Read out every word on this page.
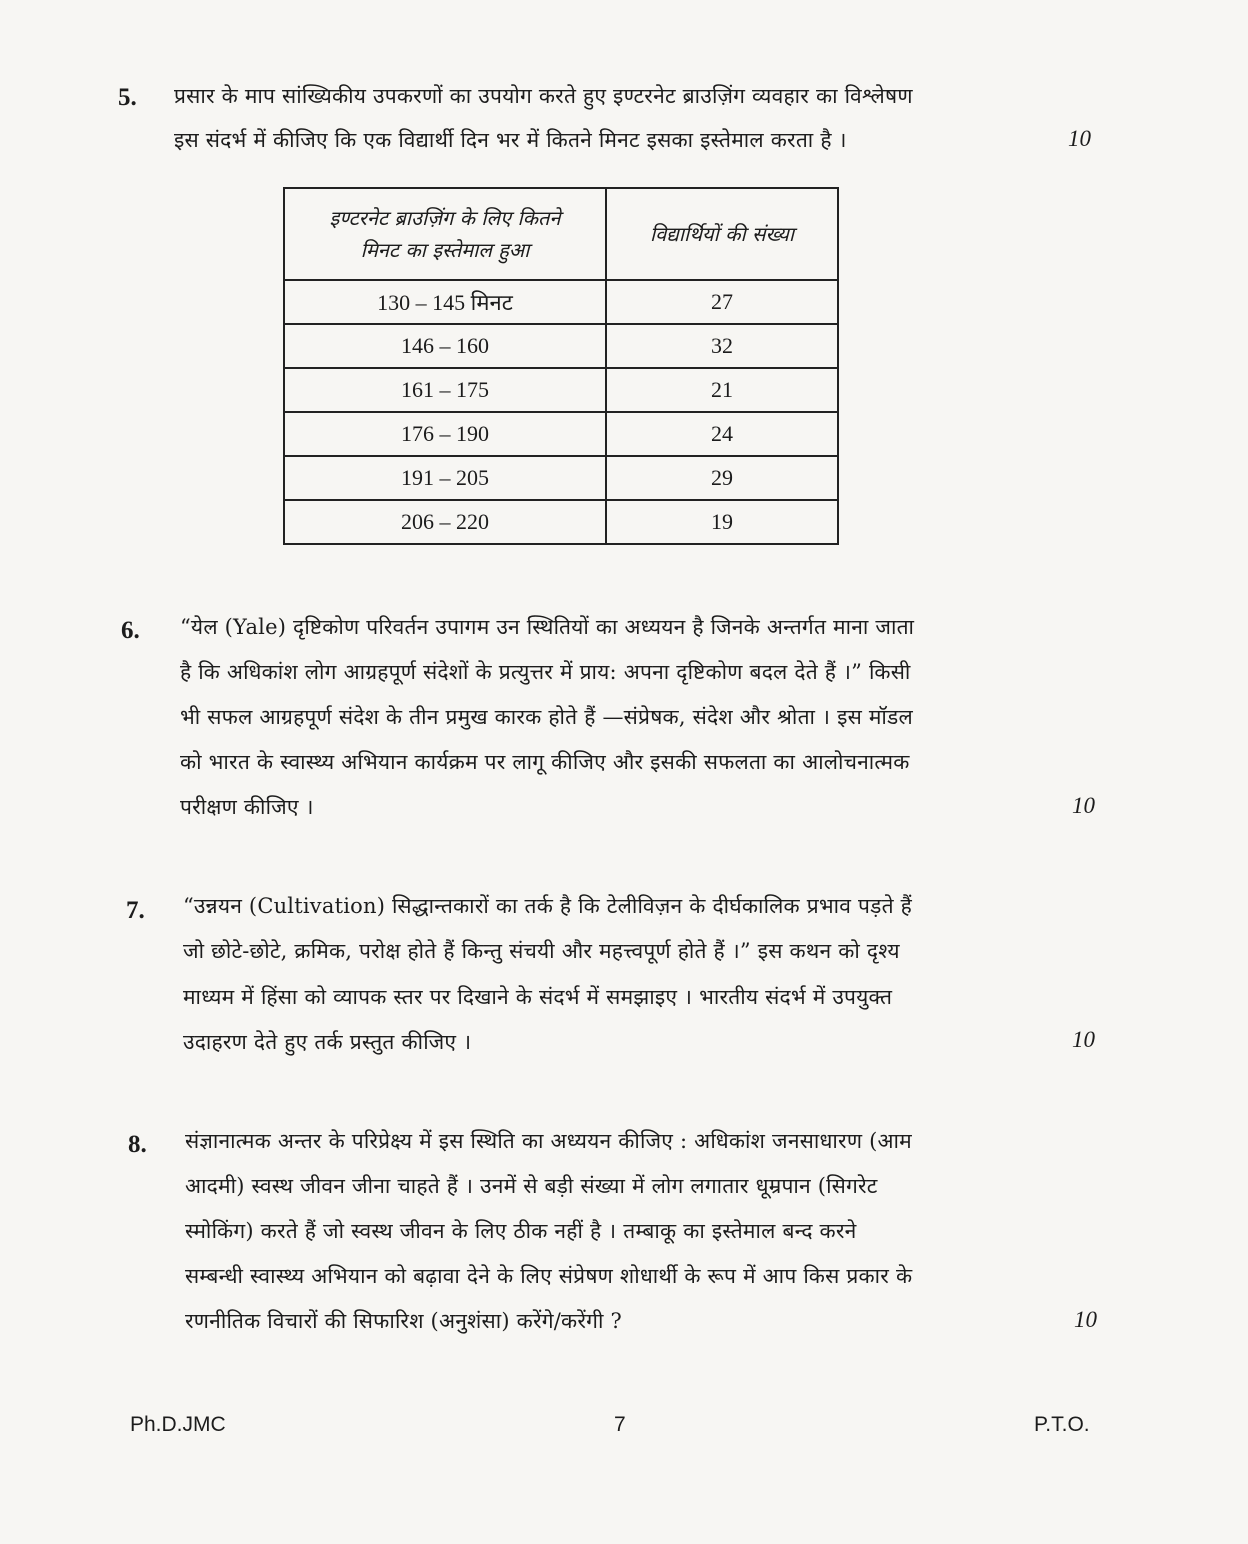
5. प्रसार के माप सांख्यिकीय उपकरणों का उपयोग करते हुए इण्टरनेट ब्राउज़िंग व्यवहार का विश्लेषण
इस संदर्भ में कीजिए कि एक विद्यार्थी दिन भर में कितने मिनट इसका इस्तेमाल करता है ।	10
इण्टरनेट ब्राउज़िंग के लिए कितने
मिनट का इस्तेमाल हुआ	विद्यार्थियों की संख्या
130 – 145 मिनट	27
146 – 160	32
161 – 175	21
176 – 190	24
191 – 205	29
206 – 220	19
6. “येल (Yale) दृष्टिकोण परिवर्तन उपागम उन स्थितियों का अध्ययन है जिनके अन्तर्गत माना जाता
है कि अधिकांश लोग आग्रहपूर्ण संदेशों के प्रत्युत्तर में प्राय: अपना दृष्टिकोण बदल देते हैं ।” किसी
भी सफल आग्रहपूर्ण संदेश के तीन प्रमुख कारक होते हैं —संप्रेषक, संदेश और श्रोता । इस मॉडल
को भारत के स्वास्थ्य अभियान कार्यक्रम पर लागू कीजिए और इसकी सफलता का आलोचनात्मक
परीक्षण कीजिए ।	10
7. “उन्नयन (Cultivation) सिद्धान्तकारों का तर्क है कि टेलीविज़न के दीर्घकालिक प्रभाव पड़ते हैं
जो छोटे-छोटे, क्रमिक, परोक्ष होते हैं किन्तु संचयी और महत्त्वपूर्ण होते हैं ।” इस कथन को दृश्य
माध्यम में हिंसा को व्यापक स्तर पर दिखाने के संदर्भ में समझाइए । भारतीय संदर्भ में उपयुक्त
उदाहरण देते हुए तर्क प्रस्तुत कीजिए ।	10
8. संज्ञानात्मक अन्तर के परिप्रेक्ष्य में इस स्थिति का अध्ययन कीजिए : अधिकांश जनसाधारण (आम
आदमी) स्वस्थ जीवन जीना चाहते हैं । उनमें से बड़ी संख्या में लोग लगातार धूम्रपान (सिगरेट
स्मोकिंग) करते हैं जो स्वस्थ जीवन के लिए ठीक नहीं है । तम्बाकू का इस्तेमाल बन्द करने
सम्बन्धी स्वास्थ्य अभियान को बढ़ावा देने के लिए संप्रेषण शोधार्थी के रूप में आप किस प्रकार के
रणनीतिक विचारों की सिफारिश (अनुशंसा) करेंगे/करेंगी ?	10
Ph.D.JMC	7	P.T.O.
